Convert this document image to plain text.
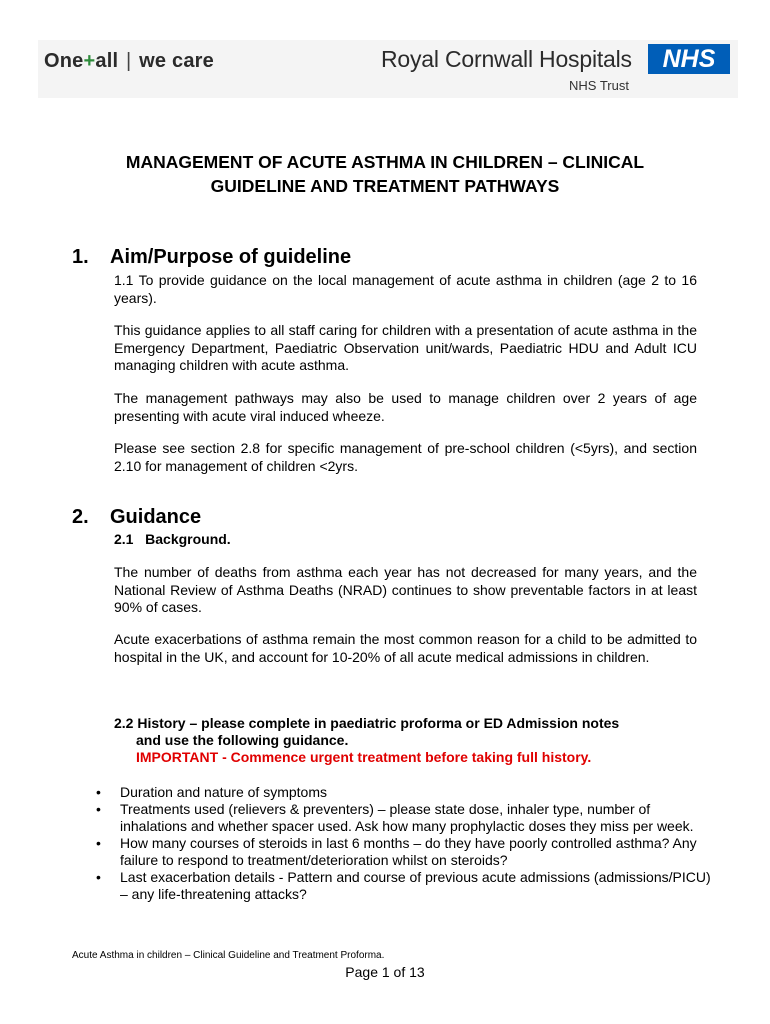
One+all | we care	Royal Cornwall Hospitals
NHS Trust
NHS
MANAGEMENT OF ACUTE ASTHMA IN CHILDREN – CLINICAL
GUIDELINE AND TREATMENT PATHWAYS
1. Aim/Purpose of guideline
1.1 To provide guidance on the local management of acute asthma in children (age 2 to 16 years).
This guidance applies to all staff caring for children with a presentation of acute asthma in the Emergency Department, Paediatric Observation unit/wards, Paediatric HDU and Adult ICU managing children with acute asthma.
The management pathways may also be used to manage children over 2 years of age presenting with acute viral induced wheeze.
Please see section 2.8 for specific management of pre-school children (<5yrs), and section 2.10 for management of children <2yrs.
2. Guidance
2.1   Background.
The number of deaths from asthma each year has not decreased for many years, and the National Review of Asthma Deaths (NRAD) continues to show preventable factors in at least 90% of cases.
Acute exacerbations of asthma remain the most common reason for a child to be admitted to hospital in the UK, and account for 10-20% of all acute medical admissions in children.
2.2 History – please complete in paediatric proforma or ED Admission notes
and use the following guidance.
IMPORTANT - Commence urgent treatment before taking full history.
• Duration and nature of symptoms
• Treatments used (relievers & preventers) – please state dose, inhaler type, number of inhalations and whether spacer used. Ask how many prophylactic doses they miss per week.
• How many courses of steroids in last 6 months – do they have poorly controlled asthma? Any failure to respond to treatment/deterioration whilst on steroids?
• Last exacerbation details - Pattern and course of previous acute admissions (admissions/PICU) – any life-threatening attacks?
Acute Asthma in children – Clinical Guideline and Treatment Proforma.
Page 1 of 13
